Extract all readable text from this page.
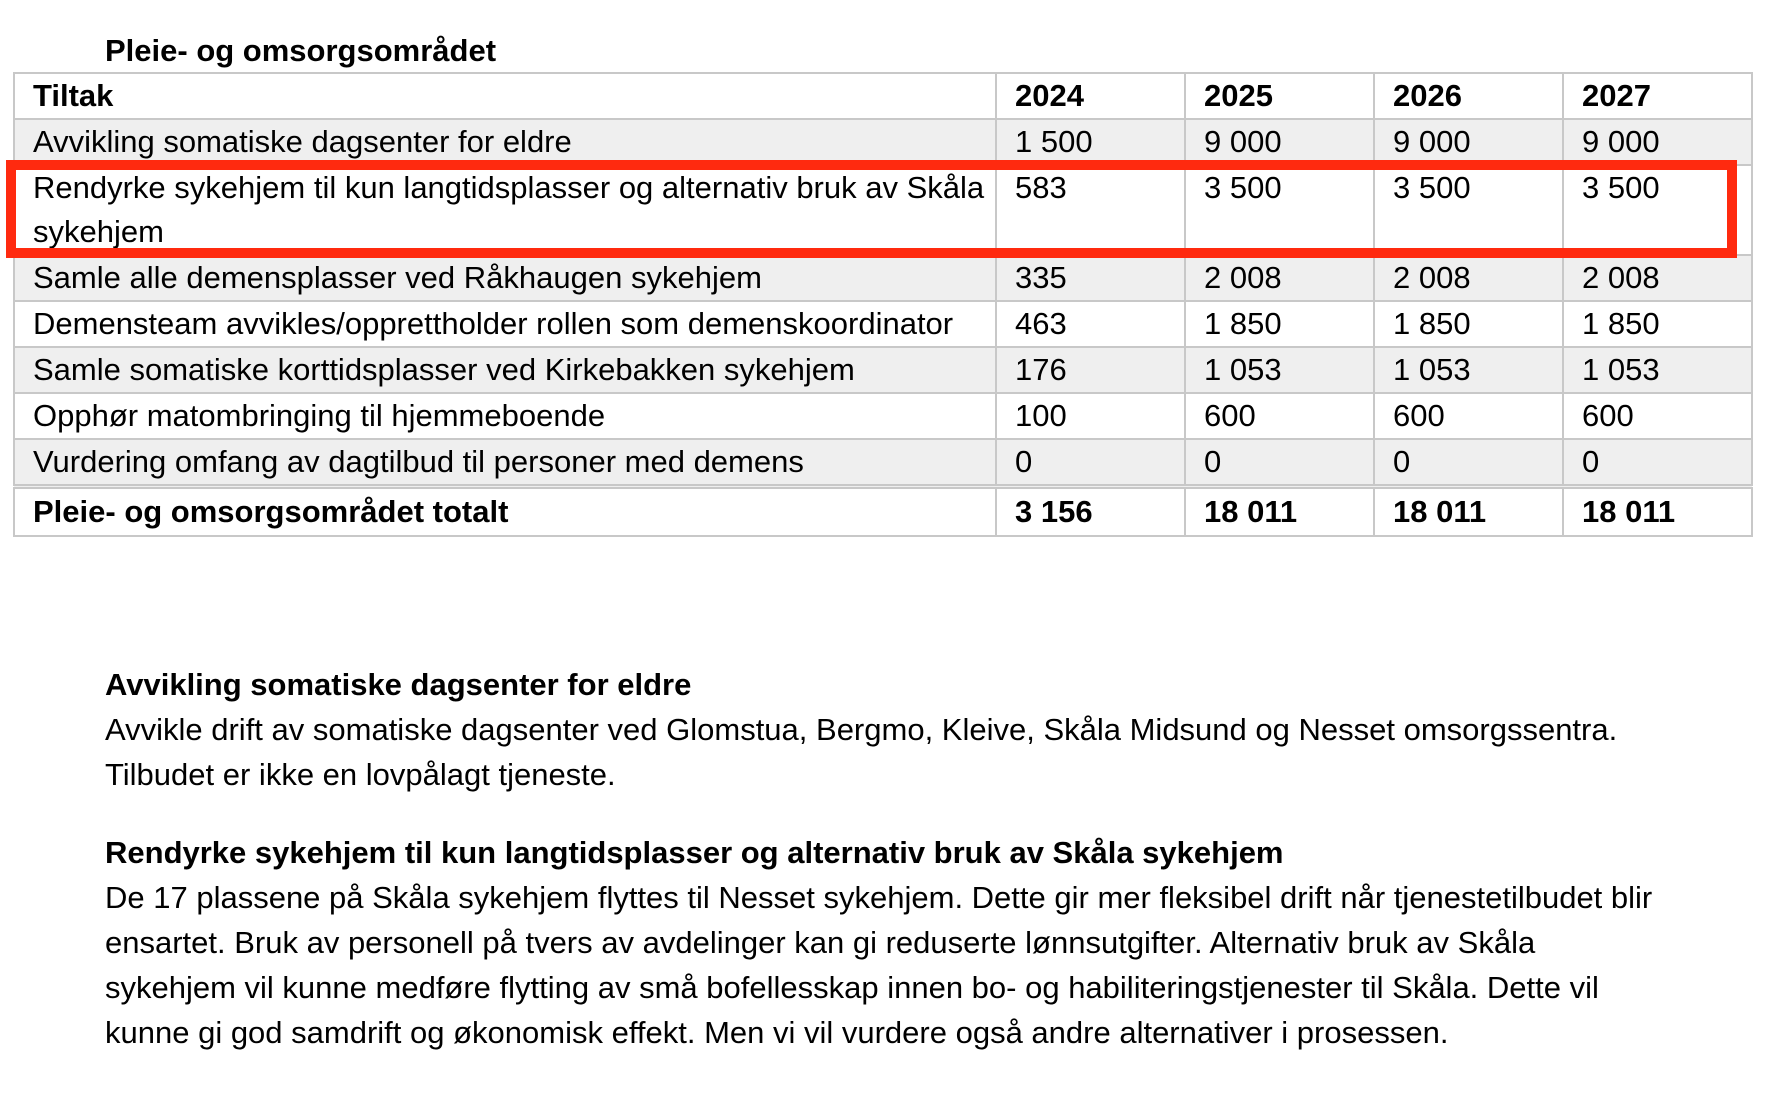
Pleie- og omsorgsområdet
Tiltak	2024	2025	2026	2027
Avvikling somatiske dagsenter for eldre	1 500	9 000	9 000	9 000
Rendyrke sykehjem til kun langtidsplasser og alternativ bruk av Skåla sykehjem	583	3 500	3 500	3 500
Samle alle demensplasser ved Råkhaugen sykehjem	335	2 008	2 008	2 008
Demensteam avvikles/opprettholder rollen som demenskoordinator	463	1 850	1 850	1 850
Samle somatiske korttidsplasser ved Kirkebakken sykehjem	176	1 053	1 053	1 053
Opphør matombringing til hjemmeboende	100	600	600	600
Vurdering omfang av dagtilbud til personer med demens	0	0	0	0
Pleie- og omsorgsområdet totalt	3 156	18 011	18 011	18 011
Avvikling somatiske dagsenter for eldre
Avvikle drift av somatiske dagsenter ved Glomstua, Bergmo, Kleive, Skåla Midsund og Nesset omsorgssentra. Tilbudet er ikke en lovpålagt tjeneste.
Rendyrke sykehjem til kun langtidsplasser og alternativ bruk av Skåla sykehjem
De 17 plassene på Skåla sykehjem flyttes til Nesset sykehjem. Dette gir mer fleksibel drift når tjenestetilbudet blir ensartet. Bruk av personell på tvers av avdelinger kan gi reduserte lønnsutgifter. Alternativ bruk av Skåla sykehjem vil kunne medføre flytting av små bofellesskap innen bo- og habiliteringstjenester til Skåla. Dette vil kunne gi god samdrift og økonomisk effekt. Men vi vil vurdere også andre alternativer i prosessen.
